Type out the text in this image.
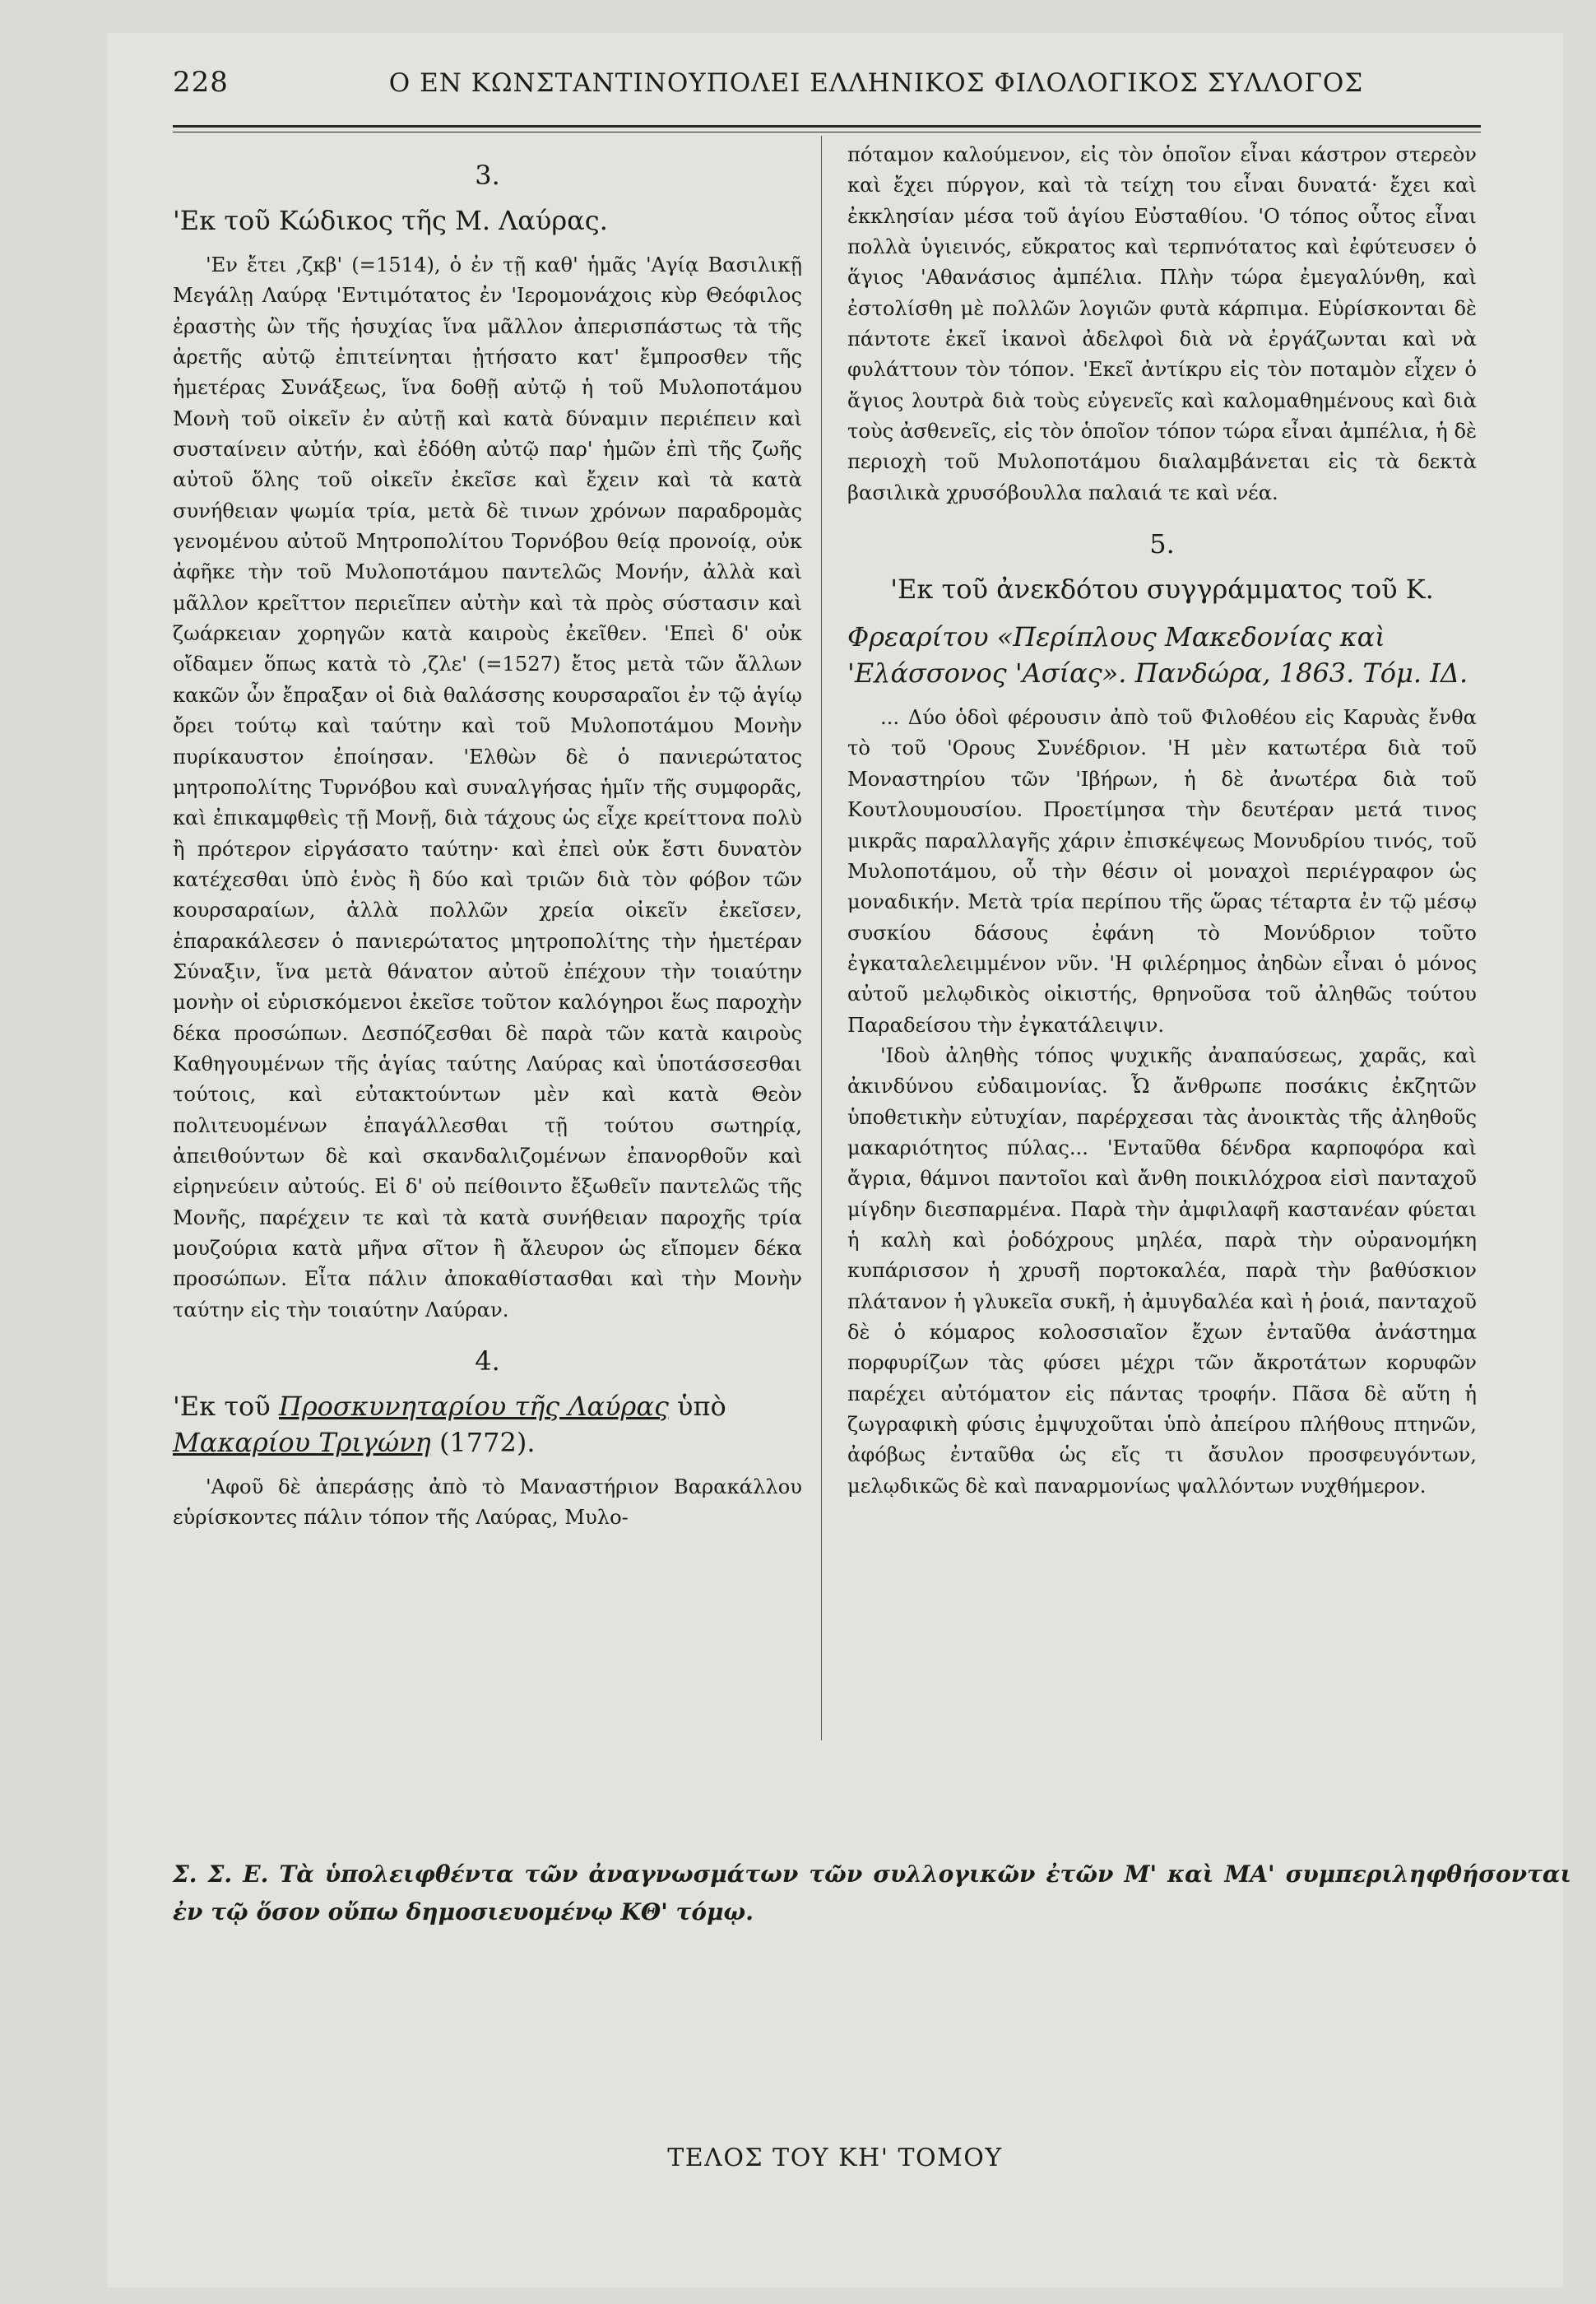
228	Ο ΕΝ ΚΩΝΣΤΑΝΤΙΝΟΥΠΟΛΕΙ ΕΛΛΗΝΙΚΟΣ ΦΙΛΟΛΟΓΙΚΟΣ ΣΥΛΛΟΓΟΣ
3.
'Εκ τοῦ Κώδικος τῆς Μ. Λαύρας.

'Εν ἔτει ,ζκβ' (=1514), ὁ ἐν τῇ καθ' ἡμᾶς 'Αγίᾳ Βασιλικῇ Μεγάλῃ Λαύρᾳ 'Εντιμότατος ἐν 'Ιερομονάχοις κὺρ Θεόφιλος ἐραστὴς ὢν τῆς ἡσυχίας ἵνα μᾶλλον ἀπερισπάστως τὰ τῆς ἀρετῆς αὐτῷ ἐπιτείνηται ᾐτήσατο κατ' ἔμπροσθεν τῆς ἡμετέρας Συνάξεως, ἵνα δοθῇ αὐτῷ ἡ τοῦ Μυλοποτάμου Μονὴ τοῦ οἰκεῖν ἐν αὐτῇ καὶ κατὰ δύναμιν περιέπειν καὶ συσταίνειν αὐτήν, καὶ ἐδόθη αὐτῷ παρ' ἡμῶν ἐπὶ τῆς ζωῆς αὐτοῦ ὅλης τοῦ οἰκεῖν ἐκεῖσε καὶ ἔχειν καὶ τὰ κατὰ συνήθειαν ψωμία τρία, μετὰ δὲ τινων χρόνων παραδρομὰς γενομένου αὐτοῦ Μητροπολίτου Τορνόβου θείᾳ προνοίᾳ, οὐκ ἀφῆκε τὴν τοῦ Μυλοποτάμου παντελῶς Μονήν, ἀλλὰ καὶ μᾶλλον κρεῖττον περιεῖπεν αὐτὴν καὶ τὰ πρὸς σύστασιν καὶ ζωάρκειαν χορηγῶν κατὰ καιροὺς ἐκεῖθεν. 'Επεὶ δ' οὐκ οἴδαμεν ὅπως κατὰ τὸ ,ζλε' (=1527) ἔτος μετὰ τῶν ἄλλων κακῶν ὧν ἔπραξαν οἱ διὰ θαλάσσης κουρσαραῖοι ἐν τῷ ἁγίῳ ὄρει τούτῳ καὶ ταύτην καὶ τοῦ Μυλοποτάμου Μονὴν πυρίκαυστον ἐποίησαν. 'Ελθὼν δὲ ὁ πανιερώτατος μητροπολίτης Τυρνόβου καὶ συναλγήσας ἡμῖν τῆς συμφορᾶς, καὶ ἐπικαμφθεὶς τῇ Μονῇ, διὰ τάχους ὡς εἶχε κρείττονα πολὺ ἢ πρότερον εἰργάσατο ταύτην· καὶ ἐπεὶ οὐκ ἔστι δυνατὸν κατέχεσθαι ὑπὸ ἑνὸς ἢ δύο καὶ τριῶν διὰ τὸν φόβον τῶν κουρσαραίων, ἀλλὰ πολλῶν χρεία οἰκεῖν ἐκεῖσεν, ἐπαρακάλεσεν ὁ πανιερώτατος μητροπολίτης τὴν ἡμετέραν Σύναξιν, ἵνα μετὰ θάνατον αὐτοῦ ἐπέχουν τὴν τοιαύτην μονὴν οἱ εὑρισκόμενοι ἐκεῖσε τοῦτον καλόγηροι ἕως παροχὴν δέκα προσώπων. Δεσπόζεσθαι δὲ παρὰ τῶν κατὰ καιροὺς Καθηγουμένων τῆς ἁγίας ταύτης Λαύρας καὶ ὑποτάσσεσθαι τούτοις, καὶ εὐτακτούντων μὲν καὶ κατὰ Θεὸν πολιτευομένων ἐπαγάλλεσθαι τῇ τούτου σωτηρίᾳ, ἀπειθούντων δὲ καὶ σκανδαλιζομένων ἐπανορθοῦν καὶ εἰρηνεύειν αὐτούς. Εἰ δ' οὐ πείθοιντο ἔξωθεῖν παντελῶς τῆς Μονῆς, παρέχειν τε καὶ τὰ κατὰ συνήθειαν παροχῆς τρία μουζούρια κατὰ μῆνα σῖτον ἢ ἄλευρον ὡς εἴπομεν δέκα προσώπων. Εἶτα πάλιν ἀποκαθίστασθαι καὶ τὴν Μονὴν ταύτην εἰς τὴν τοιαύτην Λαύραν.

4.
'Εκ τοῦ Προσκυνηταρίου τῆς Λαύρας ὑπὸ Μακαρίου Τριγώνη (1772).

'Αφοῦ δὲ ἀπεράσῃς ἀπὸ τὸ Μαναστήριον Βαρακάλλου εὑρίσκοντες πάλιν τόπον τῆς Λαύρας, Μυλο-

πόταμον καλούμενον, εἰς τὸν ὁποῖον εἶναι κάστρον στερεὸν καὶ ἔχει πύργον, καὶ τὰ τείχη του εἶναι δυνατά· ἔχει καὶ ἐκκλησίαν μέσα τοῦ ἁγίου Εὐσταθίου. 'Ο τόπος οὗτος εἶναι πολλὰ ὑγιεινός, εὔκρατος καὶ τερπνότατος καὶ ἐφύτευσεν ὁ ἅγιος 'Αθανάσιος ἀμπέλια. Πλὴν τώρα ἐμεγαλύνθη, καὶ ἐστολίσθη μὲ πολλῶν λογιῶν φυτὰ κάρπιμα. Εὑρίσκονται δὲ πάντοτε ἐκεῖ ἱκανοὶ ἀδελφοὶ διὰ νὰ ἐργάζωνται καὶ νὰ φυλάττουν τὸν τόπον. 'Εκεῖ ἀντίκρυ εἰς τὸν ποταμὸν εἶχεν ὁ ἅγιος λουτρὰ διὰ τοὺς εὐγενεῖς καὶ καλομαθημένους καὶ διὰ τοὺς ἀσθενεῖς, εἰς τὸν ὁποῖον τόπον τώρα εἶναι ἀμπέλια, ἡ δὲ περιοχὴ τοῦ Μυλοποτάμου διαλαμβάνεται εἰς τὰ δεκτὰ βασιλικὰ χρυσόβουλλα παλαιά τε καὶ νέα.

5.
'Εκ τοῦ ἀνεκδότου συγγράμματος τοῦ Κ.
Φρεαρίτου «Περίπλους Μακεδονίας καὶ 'Ελάσσονος 'Ασίας». Πανδώρα, 1863. Τόμ. ΙΔ.

... Δύο ὁδοὶ φέρουσιν ἀπὸ τοῦ Φιλοθέου εἰς Καρυὰς ἔνθα τὸ τοῦ 'Ορους Συνέδριον. 'Η μὲν κατωτέρα διὰ τοῦ Μοναστηρίου τῶν 'Ιβήρων, ἡ δὲ ἀνωτέρα διὰ τοῦ Κουτλουμουσίου. Προετίμησα τὴν δευτέραν μετά τινος μικρᾶς παραλλαγῆς χάριν ἐπισκέψεως Μονυδρίου τινός, τοῦ Μυλοποτάμου, οὗ τὴν θέσιν οἱ μοναχοὶ περιέγραφον ὡς μοναδικήν. Μετὰ τρία περίπου τῆς ὥρας τέταρτα ἐν τῷ μέσῳ συσκίου δάσους ἐφάνη τὸ Μονύδριον τοῦτο ἐγκαταλελειμμένον νῦν. 'Η φιλέρημος ἀηδὼν εἶναι ὁ μόνος αὐτοῦ μελῳδικὸς οἰκιστής, θρηνοῦσα τοῦ ἀληθῶς τούτου Παραδείσου τὴν ἐγκατάλειψιν.

'Ιδοὺ ἀληθὴς τόπος ψυχικῆς ἀναπαύσεως, χαρᾶς, καὶ ἀκινδύνου εὐδαιμονίας. Ὦ ἄνθρωπε ποσάκις ἐκζητῶν ὑποθετικὴν εὐτυχίαν, παρέρχεσαι τὰς ἀνοικτὰς τῆς ἀληθοῦς μακαριότητος πύλας... 'Ενταῦθα δένδρα καρποφόρα καὶ ἄγρια, θάμνοι παντοῖοι καὶ ἄνθη ποικιλόχροα εἰσὶ πανταχοῦ μίγδην διεσπαρμένα. Παρὰ τὴν ἀμφιλαφῆ καστανέαν φύεται ἡ καλὴ καὶ ῥοδόχρους μηλέα, παρὰ τὴν οὐρανομήκη κυπάρισσον ἡ χρυσῆ πορτοκαλέα, παρὰ τὴν βαθύσκιον πλάτανον ἡ γλυκεῖα συκῆ, ἡ ἀμυγδαλέα καὶ ἡ ῥοιά, πανταχοῦ δὲ ὁ κόμαρος κολοσσιαῖον ἔχων ἐνταῦθα ἀνάστημα πορφυρίζων τὰς φύσει μέχρι τῶν ἄκροτάτων κορυφῶν παρέχει αὐτόματον εἰς πάντας τροφήν. Πᾶσα δὲ αὕτη ἡ ζωγραφικὴ φύσις ἐμψυχοῦται ὑπὸ ἀπείρου πλήθους πτηνῶν, ἀφόβως ἐνταῦθα ὡς εἴς τι ἄσυλον προσφευγόντων, μελῳδικῶς δὲ καὶ παναρμονίως ψαλλόντων νυχθήμερον.

Σ. Σ. Ε. Τὰ ὑπολειφθέντα τῶν ἀναγνωσμάτων τῶν συλλογικῶν ἐτῶν Μ' καὶ ΜΑ' συμπεριληφθήσονται ἐν τῷ ὅσον οὔπω δημοσιευομένῳ ΚΘ' τόμῳ.
ΤΕΛΟΣ ΤΟΥ ΚΗ' ΤΟΜΟΥ
